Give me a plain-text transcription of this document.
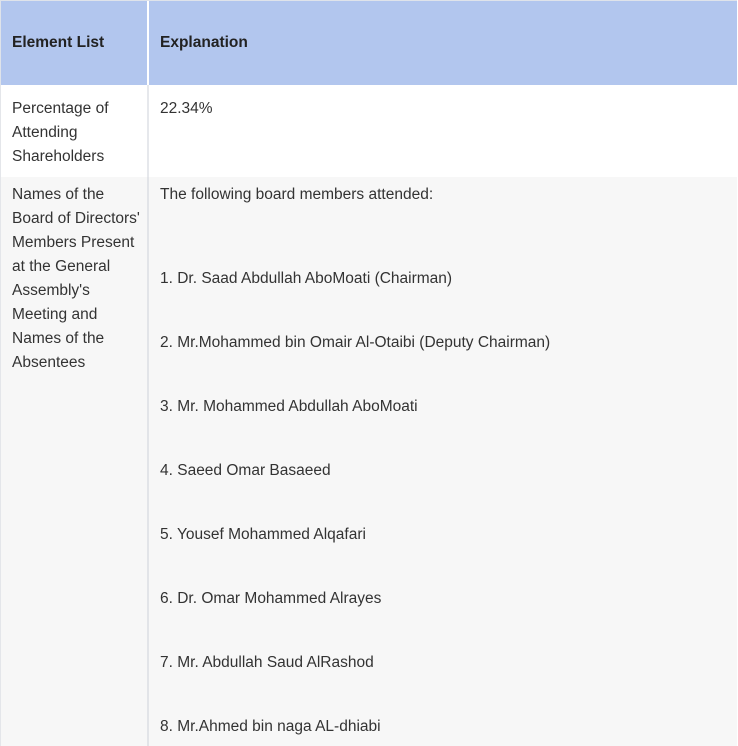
Element List	Explanation
Percentage of Attending Shareholders
22.34%
Names of the Board of Directors' Members Present at the General Assembly's Meeting and Names of the Absentees
The following board members attended:
1. Dr. Saad Abdullah AboMoati (Chairman)
2. Mr.Mohammed bin Omair Al-Otaibi (Deputy Chairman)
3. Mr. Mohammed Abdullah AboMoati
4. Saeed Omar Basaeed
5. Yousef Mohammed Alqafari
6. Dr. Omar Mohammed Alrayes
7. Mr. Abdullah Saud AlRashod
8. Mr.Ahmed bin naga AL-dhiabi
